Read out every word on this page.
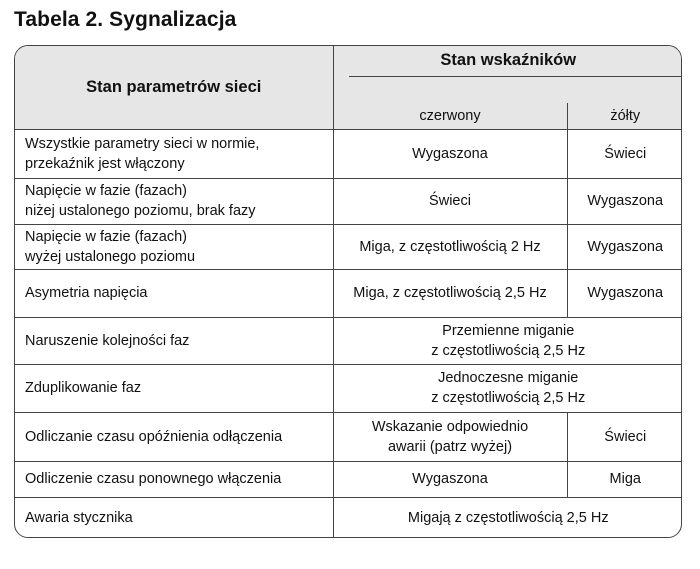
Tabela 2. Sygnalizacja
Stan parametrów sieci	Stan wskaźników	

	czerwony	żółty

Wszystkie parametry sieci w normie,
przekaźnik jest włączony	Wygaszona	Świeci

Napięcie w fazie (fazach)
niżej ustalonego poziomu, brak fazy	Świeci	Wygaszona

Napięcie w fazie (fazach)
wyżej ustalonego poziomu	Miga, z częstotliwością 2 Hz	Wygaszona
Asymetria napięcia	Miga, z częstotliwością 2,5 Hz	Wygaszona
Naruszenie kolejności faz	Przemienne miganie
z częstotliwością 2,5 Hz	

Zduplikowanie faz	Jednoczesne miganie
z częstotliwością 2,5 Hz	

Odliczanie czasu opóźnienia odłączenia	Wskazanie odpowiednio
awarii (patrz wyżej)	Świeci
Odliczenie czasu ponownego włączenia	Wygaszona	Miga
Awaria stycznika	Migają z częstotliwością 2,5 Hz	
